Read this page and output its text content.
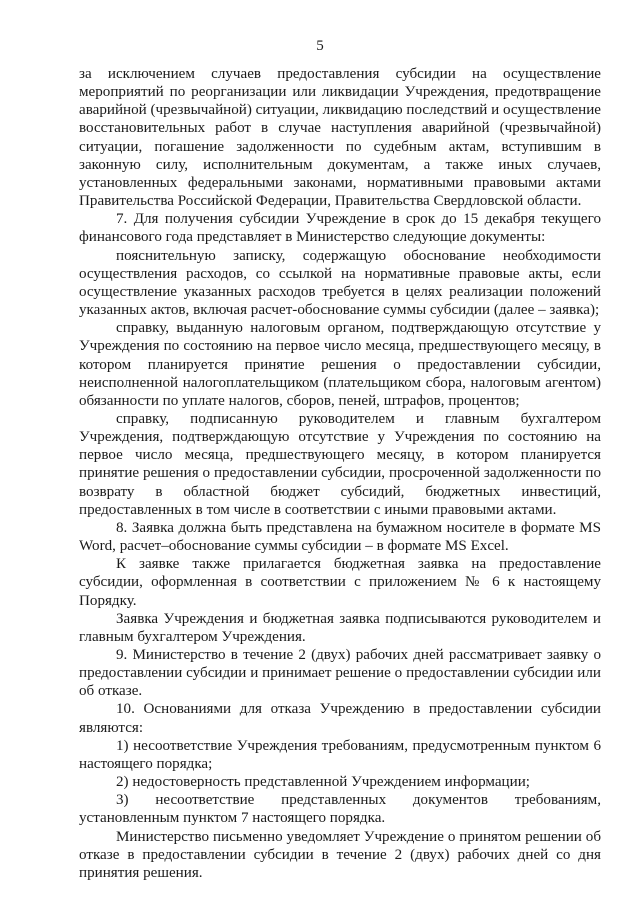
5

за исключением случаев предоставления субсидии на осуществление мероприятий по реорганизации или ликвидации Учреждения, предотвращение аварийной (чрезвычайной) ситуации, ликвидацию последствий и осуществление восстановительных работ в случае наступления аварийной (чрезвычайной) ситуации, погашение задолженности по судебным актам, вступившим в законную силу, исполнительным документам, а также иных случаев, установленных федеральными законами, нормативными правовыми актами Правительства Российской Федерации, Правительства Свердловской области.

7. Для получения субсидии Учреждение в срок до 15 декабря текущего финансового года представляет в Министерство следующие документы:

пояснительную записку, содержащую обоснование необходимости осуществления расходов, со ссылкой на нормативные правовые акты, если осуществление указанных расходов требуется в целях реализации положений указанных актов, включая расчет-обоснование суммы субсидии (далее – заявка);

справку, выданную налоговым органом, подтверждающую отсутствие у Учреждения по состоянию на первое число месяца, предшествующего месяцу, в котором планируется принятие решения о предоставлении субсидии, неисполненной налогоплательщиком (плательщиком сбора, налоговым агентом) обязанности по уплате налогов, сборов, пеней, штрафов, процентов;

справку, подписанную руководителем и главным бухгалтером Учреждения, подтверждающую отсутствие у Учреждения по состоянию на первое число месяца, предшествующего месяцу, в котором планируется принятие решения о предоставлении субсидии, просроченной задолженности по возврату в областной бюджет субсидий, бюджетных инвестиций, предоставленных в том числе в соответствии с иными правовыми актами.

8. Заявка должна быть представлена на бумажном носителе в формате MS Word, расчет–обоснование суммы субсидии – в формате MS Excel.

К заявке также прилагается бюджетная заявка на предоставление субсидии, оформленная в соответствии с приложением № 6 к настоящему Порядку.

Заявка Учреждения и бюджетная заявка подписываются руководителем и главным бухгалтером Учреждения.

9. Министерство в течение 2 (двух) рабочих дней рассматривает заявку о предоставлении субсидии и принимает решение о предоставлении субсидии или об отказе.

10. Основаниями для отказа Учреждению в предоставлении субсидии являются:

1) несоответствие Учреждения требованиям, предусмотренным пунктом 6 настоящего порядка;

2) недостоверность представленной Учреждением информации;

3) несоответствие представленных документов требованиям, установленным пунктом 7 настоящего порядка.

Министерство письменно уведомляет Учреждение о принятом решении об отказе в предоставлении субсидии в течение 2 (двух) рабочих дней со дня принятия решения.
